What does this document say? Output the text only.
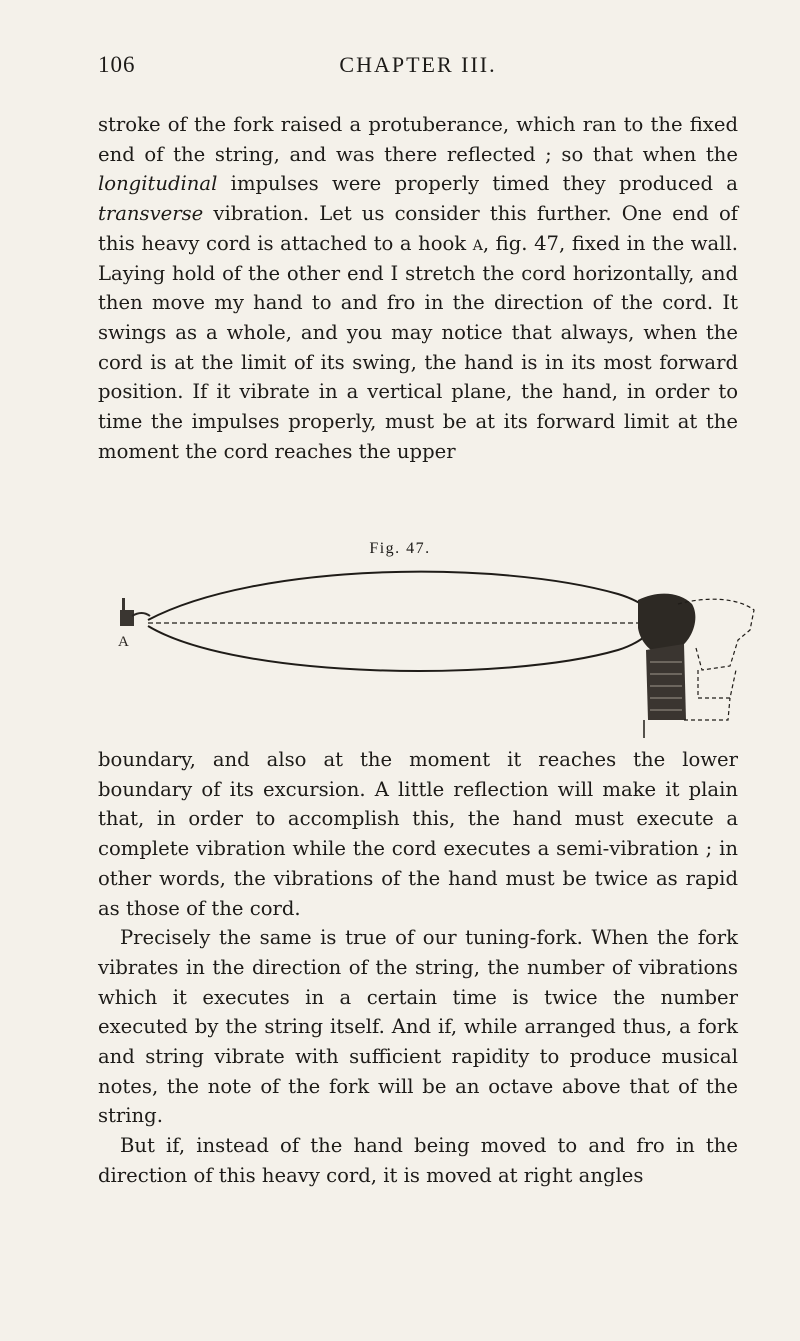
106	CHAPTER III.

stroke of the fork raised a protuberance, which ran to the fixed end of the string, and was there reflected ; so that when the longitudinal impulses were properly timed they produced a transverse vibration. Let us consider this further. One end of this heavy cord is attached to a hook a, fig. 47, fixed in the wall. Laying hold of the other end I stretch the cord horizontally, and then move my hand to and fro in the direction of the cord. It swings as a whole, and you may notice that always, when the cord is at the limit of its swing, the hand is in its most forward position. If it vibrate in a vertical plane, the hand, in order to time the impulses properly, must be at its forward limit at the moment the cord reaches the upper

Fig. 47.
A

boundary, and also at the moment it reaches the lower boundary of its excursion. A little reflection will make it plain that, in order to accomplish this, the hand must execute a complete vibration while the cord executes a semi-vibration ; in other words, the vibrations of the hand must be twice as rapid as those of the cord.

Precisely the same is true of our tuning-fork. When the fork vibrates in the direction of the string, the number of vibrations which it executes in a certain time is twice the number executed by the string itself. And if, while arranged thus, a fork and string vibrate with sufficient rapidity to produce musical notes, the note of the fork will be an octave above that of the string.

But if, instead of the hand being moved to and fro in the direction of this heavy cord, it is moved at right angles
